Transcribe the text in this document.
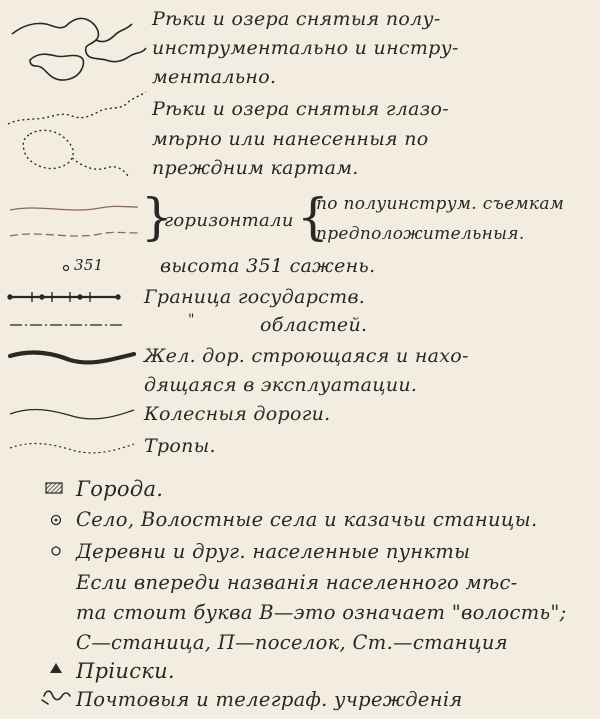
} {
Рѣки и озера снятыя полу-
инструментально и инстру-
ментально.
Рѣки и озера снятыя глазо-
мѣрно или нанесенныя по
преждним картам.
горизонтали
по полуинструм. съемкам
предположительныя.
351	высота 351 сажень.
Граница государств.
"	областей.
Жел. дор. строющаяся и нахо-
дящаяся в эксплуатации.
Колесныя дороги.
Тропы.
Города.
Село, Волостные села и казачьи станицы.
Деревни и друг. населенные пункты
Если впереди названія населенного мѣс-
та стоит буква В—это означает "волость";
С—станица, П—поселок, Ст.—станция
Пріиски.
Почтовыя и телеграф. учрежденія
